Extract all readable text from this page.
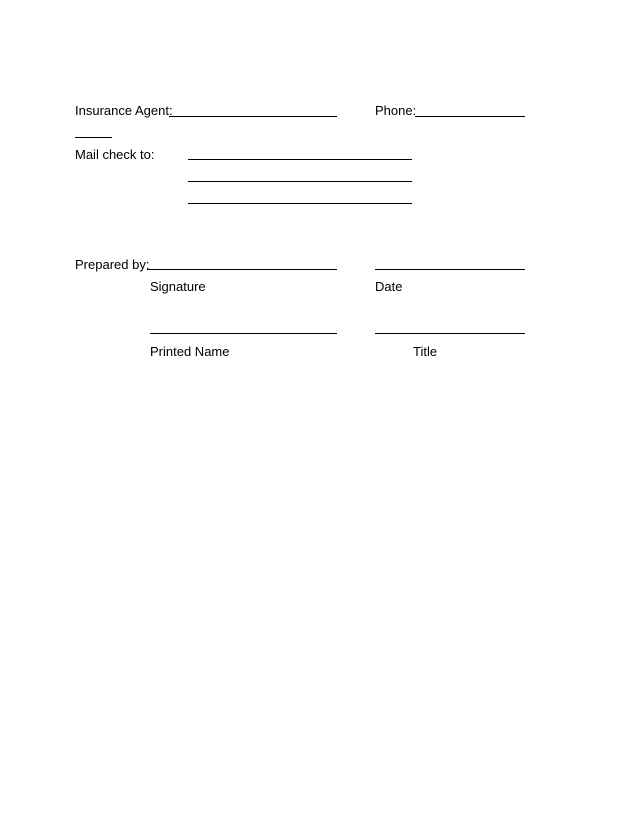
Insurance Agent:	Phone:
Mail check to:
Prepared by:
Signature	Date
Printed Name	Title
